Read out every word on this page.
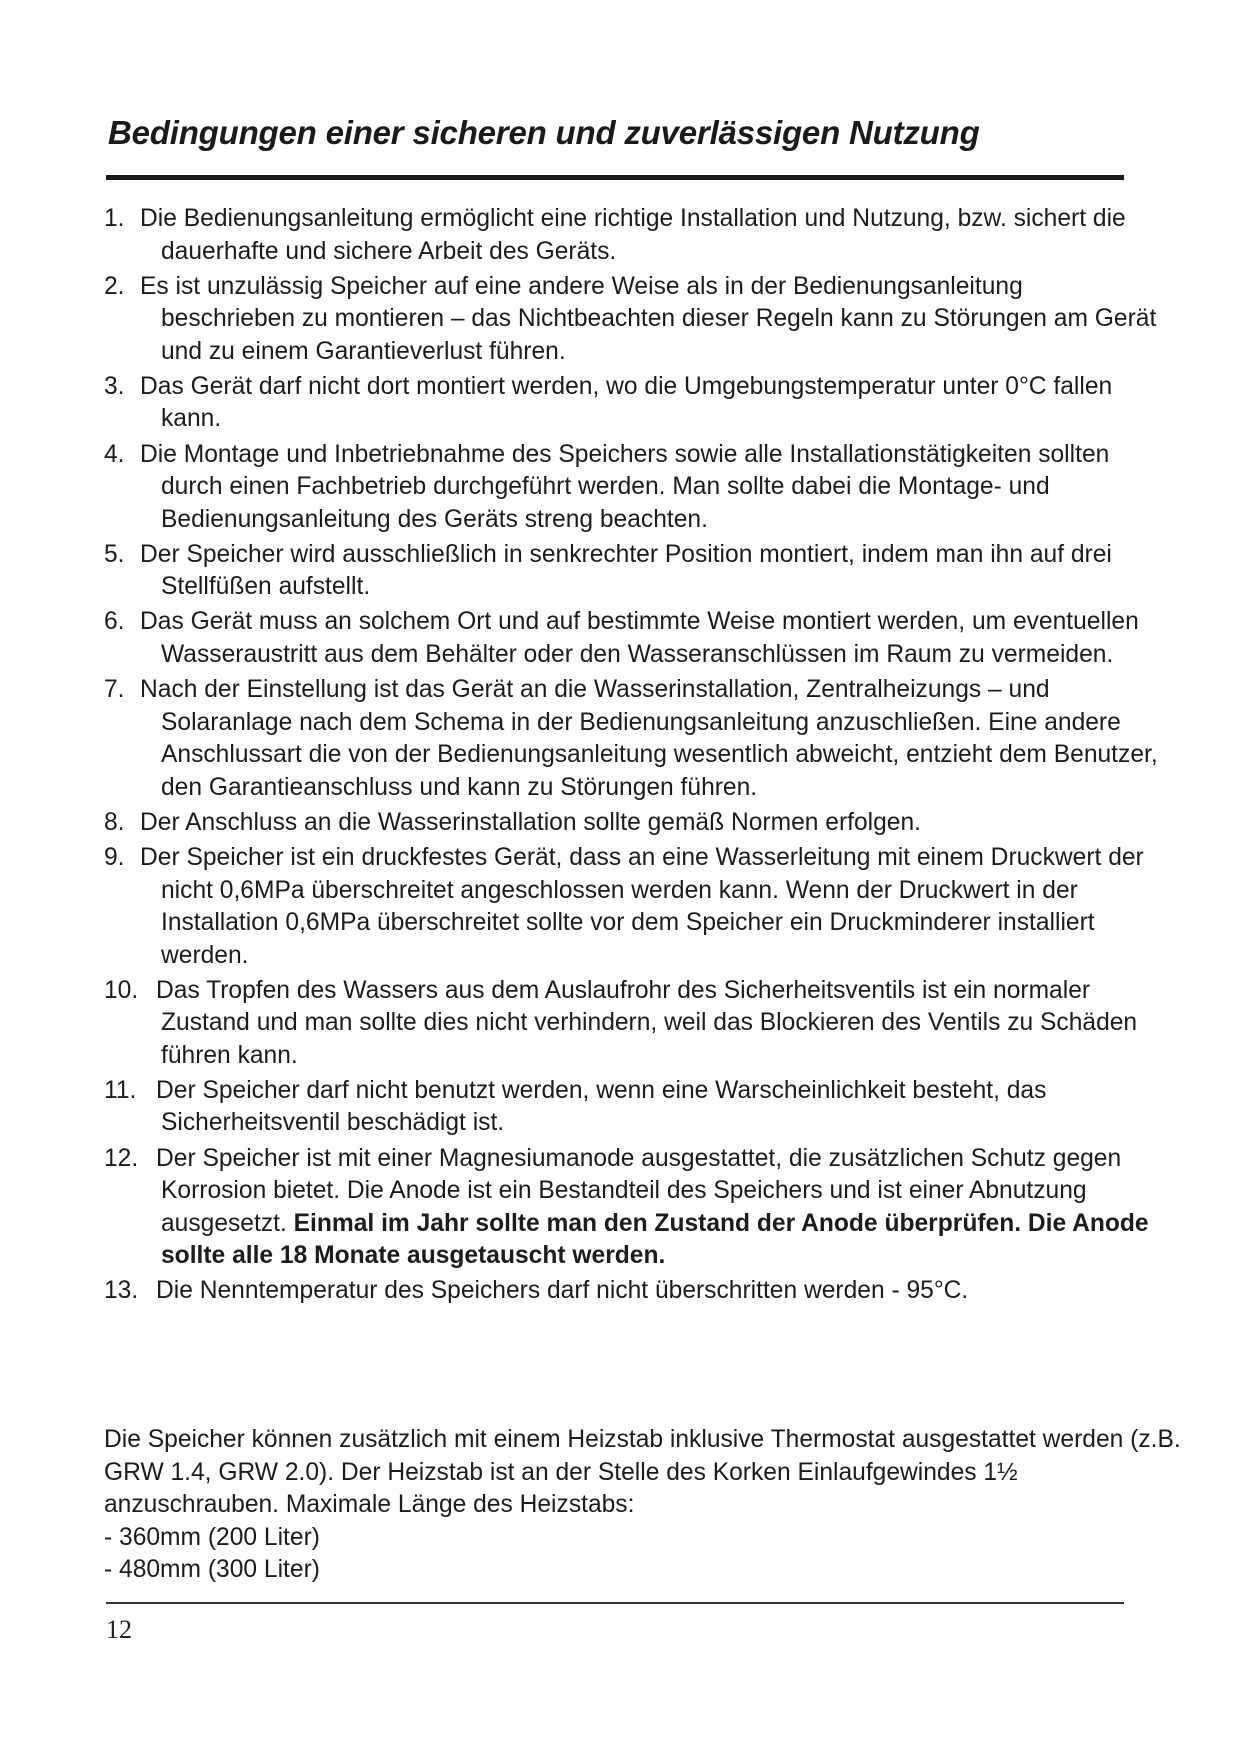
Bedingungen einer sicheren und zuverlässigen Nutzung
1. Die Bedienungsanleitung ermöglicht eine richtige Installation und Nutzung, bzw. sichert die dauerhafte und sichere Arbeit des Geräts.
2. Es ist unzulässig Speicher auf eine andere Weise als in der Bedienungsanleitung beschrieben zu montieren – das Nichtbeachten dieser Regeln kann zu Störungen am Gerät und zu einem Garantieverlust führen.
3. Das Gerät darf nicht dort montiert werden, wo die Umgebungstemperatur unter 0°C fallen kann.
4. Die Montage und Inbetriebnahme des Speichers sowie alle Installationstätigkeiten sollten durch einen Fachbetrieb durchgeführt werden. Man sollte dabei die Montage- und Bedienungsanleitung des Geräts streng beachten.
5. Der Speicher wird ausschließlich in senkrechter Position montiert, indem man ihn auf drei Stellfüßen aufstellt.
6. Das Gerät muss an solchem Ort und auf bestimmte Weise montiert werden, um eventuellen Wasseraustritt aus dem Behälter oder den Wasseranschlüssen im Raum zu vermeiden.
7. Nach der Einstellung ist das Gerät an die Wasserinstallation, Zentralheizungs – und Solaranlage nach dem Schema in der Bedienungsanleitung anzuschließen. Eine andere Anschlussart die von der Bedienungsanleitung wesentlich abweicht, entzieht dem Benutzer, den Garantieanschluss und kann zu Störungen führen.
8. Der Anschluss an die Wasserinstallation sollte gemäß Normen erfolgen.
9. Der Speicher ist ein druckfestes Gerät, dass an eine Wasserleitung mit einem Druckwert der nicht 0,6MPa überschreitet angeschlossen werden kann. Wenn der Druckwert in der Installation 0,6MPa überschreitet sollte vor dem Speicher ein Druckminderer installiert werden.
10. Das Tropfen des Wassers aus dem Auslaufrohr des Sicherheitsventils ist ein normaler Zustand und man sollte dies nicht verhindern, weil das Blockieren des Ventils zu Schäden führen kann.
11. Der Speicher darf nicht benutzt werden, wenn eine Warscheinlichkeit besteht, das Sicherheitsventil beschädigt ist.
12. Der Speicher ist mit einer Magnesiumanode ausgestattet, die zusätzlichen Schutz gegen Korrosion bietet. Die Anode ist ein Bestandteil des Speichers und ist einer Abnutzung ausgesetzt. Einmal im Jahr sollte man den Zustand der Anode überprüfen. Die Anode sollte alle 18 Monate ausgetauscht werden.
13. Die Nenntemperatur des Speichers darf nicht überschritten werden - 95°C.

Die Speicher können zusätzlich mit einem Heizstab inklusive Thermostat ausgestattet werden (z.B. GRW 1.4, GRW 2.0). Der Heizstab ist an der Stelle des Korken Einlaufgewindes 1½ anzuschrauben. Maximale Länge des Heizstabs:

- 360mm (200 Liter)
- 480mm (300 Liter)
12
